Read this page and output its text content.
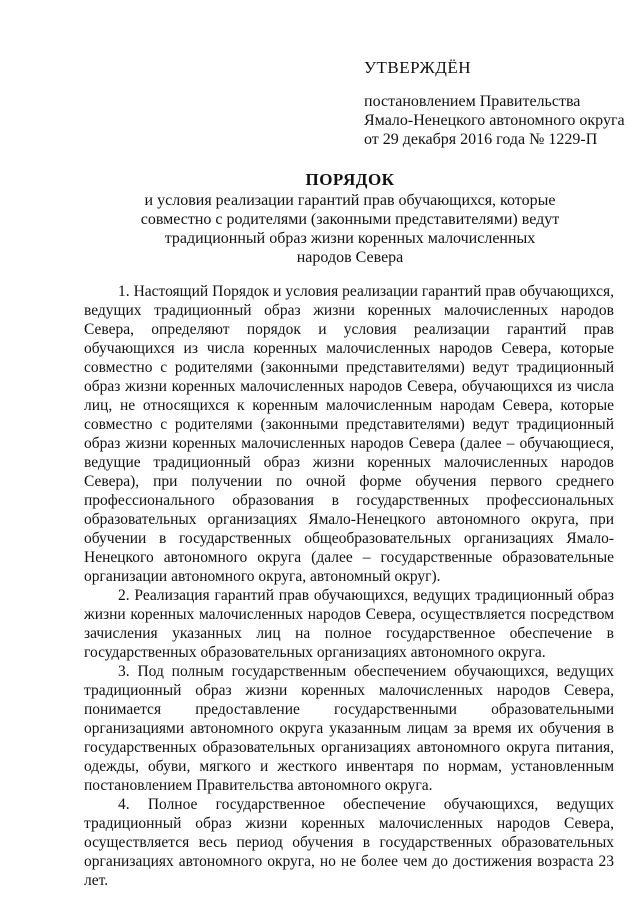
УТВЕРЖДЁН
постановлением Правительства
Ямало-Ненецкого автономного округа
от 29 декабря 2016 года № 1229-П
ПОРЯДОК
и условия реализации гарантий прав обучающихся, которые
совместно с родителями (законными представителями) ведут
традиционный образ жизни коренных малочисленных
народов Севера

1. Настоящий Порядок и условия реализации гарантий прав обучающихся, ведущих традиционный образ жизни коренных малочисленных народов Севера, определяют порядок и условия реализации гарантий прав обучающихся из числа коренных малочисленных народов Севера, которые совместно с родителями (законными представителями) ведут традиционный образ жизни коренных малочисленных народов Севера, обучающихся из числа лиц, не относящихся к коренным малочисленным народам Севера, которые совместно с родителями (законными представителями) ведут традиционный образ жизни коренных малочисленных народов Севера (далее – обучающиеся, ведущие традиционный образ жизни коренных малочисленных народов Севера), при получении по очной форме обучения первого среднего профессионального образования в государственных профессиональных образовательных организациях Ямало-Ненецкого автономного округа, при обучении в государственных общеобразовательных организациях Ямало-Ненецкого автономного округа (далее – государственные образовательные организации автономного округа, автономный округ).

2. Реализация гарантий прав обучающихся, ведущих традиционный образ жизни коренных малочисленных народов Севера, осуществляется посредством зачисления указанных лиц на полное государственное обеспечение в государственных образовательных организациях автономного округа.

3. Под полным государственным обеспечением обучающихся, ведущих традиционный образ жизни коренных малочисленных народов Севера, понимается предоставление государственными образовательными организациями автономного округа указанным лицам за время их обучения в государственных образовательных организациях автономного округа питания, одежды, обуви, мягкого и жесткого инвентаря по нормам, установленным постановлением Правительства автономного округа.

4. Полное государственное обеспечение обучающихся, ведущих традиционный образ жизни коренных малочисленных народов Севера, осуществляется весь период обучения в государственных образовательных организациях автономного округа, но не более чем до достижения возраста 23 лет.
